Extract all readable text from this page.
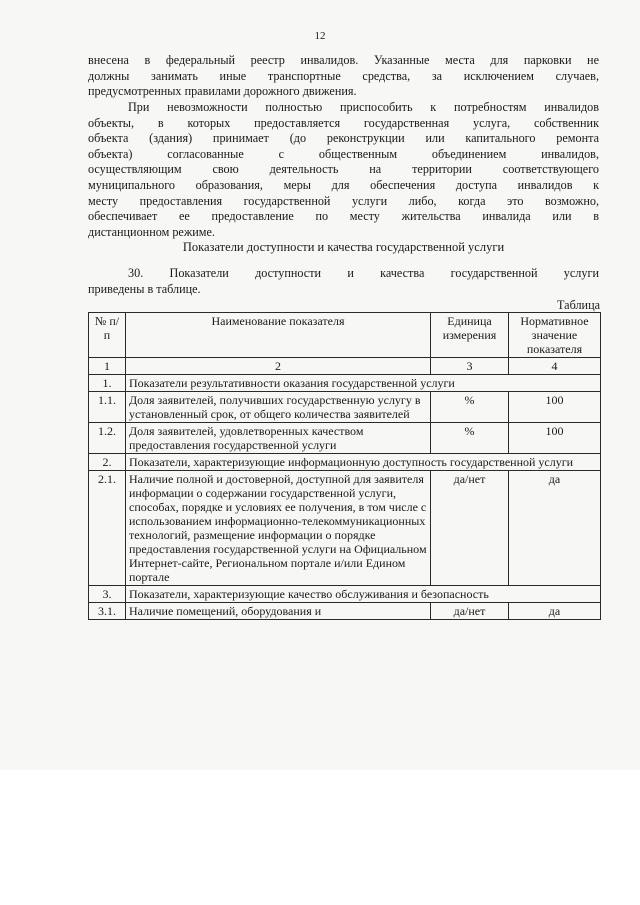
12
внесена в федеральный реестр инвалидов. Указанные места для парковки не
должны занимать иные транспортные средства, за исключением случаев,
предусмотренных правилами дорожного движения.
При невозможности полностью приспособить к потребностям инвалидов
объекты, в которых предоставляется государственная услуга, собственник
объекта (здания) принимает (до реконструкции или капитального ремонта
объекта) согласованные с общественным объединением инвалидов,
осуществляющим свою деятельность на территории соответствующего
муниципального образования, меры для обеспечения доступа инвалидов к
месту предоставления государственной услуги либо, когда это возможно,
обеспечивает ее предоставление по месту жительства инвалида или в
дистанционном режиме.
Показатели доступности и качества государственной услуги
30. Показатели доступности и качества государственной услуги
приведены в таблице.
Таблица
№ п/п	Наименование показателя	Единица измерения	Нормативное значение показателя
1	2	3	4
1.	Показатели результативности оказания государственной услуги		
1.1.	Доля заявителей, получивших государственную услугу в установленный срок, от общего количества заявителей	%	100
1.2.	Доля заявителей, удовлетворенных качеством предоставления государственной услуги	%	100
2.	Показатели, характеризующие информационную доступность государственной услуги		
2.1.	Наличие полной и достоверной, доступной для заявителя информации о содержании государственной услуги, способах, порядке и условиях ее получения, в том числе с использованием информационно-телекоммуникационных технологий, размещение информации о порядке предоставления государственной услуги на Официальном Интернет-сайте, Региональном портале и/или Едином портале	да/нет	да
3.	Показатели, характеризующие качество обслуживания и безопасность		
3.1.	Наличие помещений, оборудования и	да/нет	да
